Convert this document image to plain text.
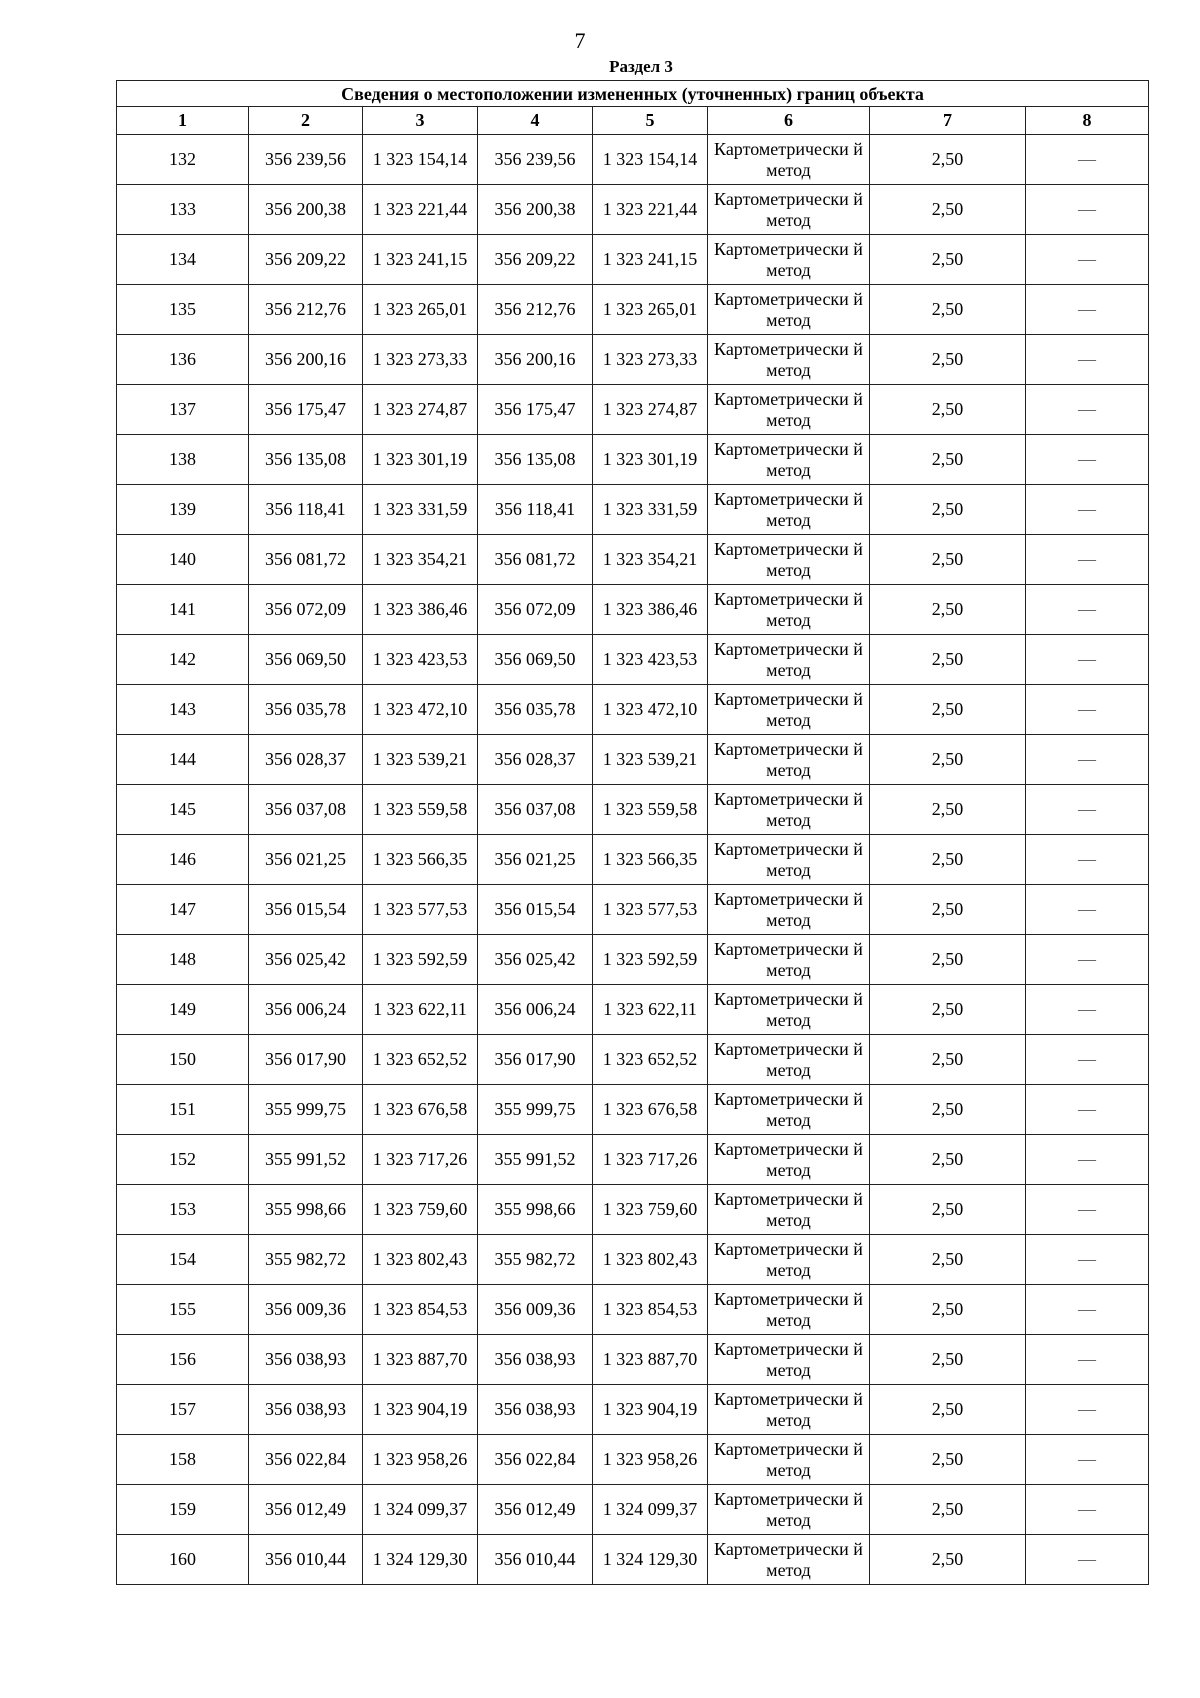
7
Раздел 3
Сведения о местоположении измененных (уточненных) границ объекта							
1	2	3	4	5	6	7	8
132	356 239,56	1 323 154,14	356 239,56	1 323 154,14	Картометрически й метод	2,50	—
133	356 200,38	1 323 221,44	356 200,38	1 323 221,44	Картометрически й метод	2,50	—
134	356 209,22	1 323 241,15	356 209,22	1 323 241,15	Картометрически й метод	2,50	—
135	356 212,76	1 323 265,01	356 212,76	1 323 265,01	Картометрически й метод	2,50	—
136	356 200,16	1 323 273,33	356 200,16	1 323 273,33	Картометрически й метод	2,50	—
137	356 175,47	1 323 274,87	356 175,47	1 323 274,87	Картометрически й метод	2,50	—
138	356 135,08	1 323 301,19	356 135,08	1 323 301,19	Картометрически й метод	2,50	—
139	356 118,41	1 323 331,59	356 118,41	1 323 331,59	Картометрически й метод	2,50	—
140	356 081,72	1 323 354,21	356 081,72	1 323 354,21	Картометрически й метод	2,50	—
141	356 072,09	1 323 386,46	356 072,09	1 323 386,46	Картометрически й метод	2,50	—
142	356 069,50	1 323 423,53	356 069,50	1 323 423,53	Картометрически й метод	2,50	—
143	356 035,78	1 323 472,10	356 035,78	1 323 472,10	Картометрически й метод	2,50	—
144	356 028,37	1 323 539,21	356 028,37	1 323 539,21	Картометрически й метод	2,50	—
145	356 037,08	1 323 559,58	356 037,08	1 323 559,58	Картометрически й метод	2,50	—
146	356 021,25	1 323 566,35	356 021,25	1 323 566,35	Картометрически й метод	2,50	—
147	356 015,54	1 323 577,53	356 015,54	1 323 577,53	Картометрически й метод	2,50	—
148	356 025,42	1 323 592,59	356 025,42	1 323 592,59	Картометрически й метод	2,50	—
149	356 006,24	1 323 622,11	356 006,24	1 323 622,11	Картометрически й метод	2,50	—
150	356 017,90	1 323 652,52	356 017,90	1 323 652,52	Картометрически й метод	2,50	—
151	355 999,75	1 323 676,58	355 999,75	1 323 676,58	Картометрически й метод	2,50	—
152	355 991,52	1 323 717,26	355 991,52	1 323 717,26	Картометрически й метод	2,50	—
153	355 998,66	1 323 759,60	355 998,66	1 323 759,60	Картометрически й метод	2,50	—
154	355 982,72	1 323 802,43	355 982,72	1 323 802,43	Картометрически й метод	2,50	—
155	356 009,36	1 323 854,53	356 009,36	1 323 854,53	Картометрически й метод	2,50	—
156	356 038,93	1 323 887,70	356 038,93	1 323 887,70	Картометрически й метод	2,50	—
157	356 038,93	1 323 904,19	356 038,93	1 323 904,19	Картометрически й метод	2,50	—
158	356 022,84	1 323 958,26	356 022,84	1 323 958,26	Картометрически й метод	2,50	—
159	356 012,49	1 324 099,37	356 012,49	1 324 099,37	Картометрически й метод	2,50	—
160	356 010,44	1 324 129,30	356 010,44	1 324 129,30	Картометрически й метод	2,50	—
